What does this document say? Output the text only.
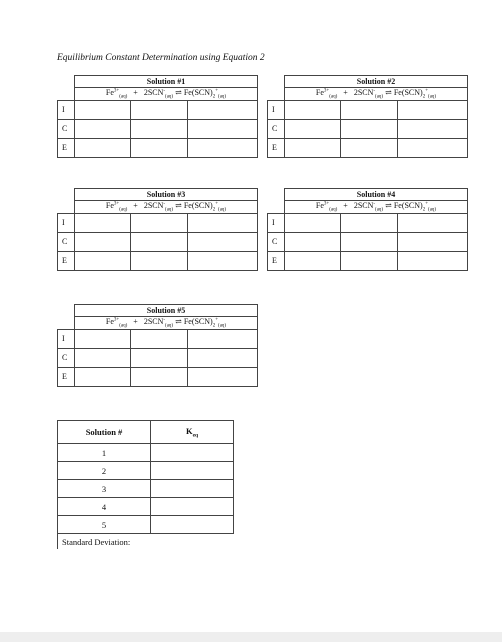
Equilibrium Constant Determination using Equation 2
	Solution #1		
	$Fe^{3+}_{(aq)} + 2SCN^-_{(aq)}$ ⇌ $Fe(SCN)_2^+_{(aq)}$
I			
C			
E			
	Solution #2		
	$Fe^{3+}_{(aq)} + 2SCN^-_{(aq)}$ ⇌ $Fe(SCN)_2^+_{(aq)}$
I			
C			
E			
	Solution #3		
	$Fe^{3+}_{(aq)} + 2SCN^-_{(aq)}$ ⇌ $Fe(SCN)_2^+_{(aq)}$
I			
C			
E			
	Solution #4		
	$Fe^{3+}_{(aq)} + 2SCN^-_{(aq)}$ ⇌ $Fe(SCN)_2^+_{(aq)}$
I			
C			
E			
	Solution #5		
	$Fe^{3+}_{(aq)} + 2SCN^-_{(aq)}$ ⇌ $Fe(SCN)_2^+_{(aq)}$
I			
C			
E			
Solution #	$K_{eq}$
1	
2	
3	
4	
5	
Standard Deviation:	
